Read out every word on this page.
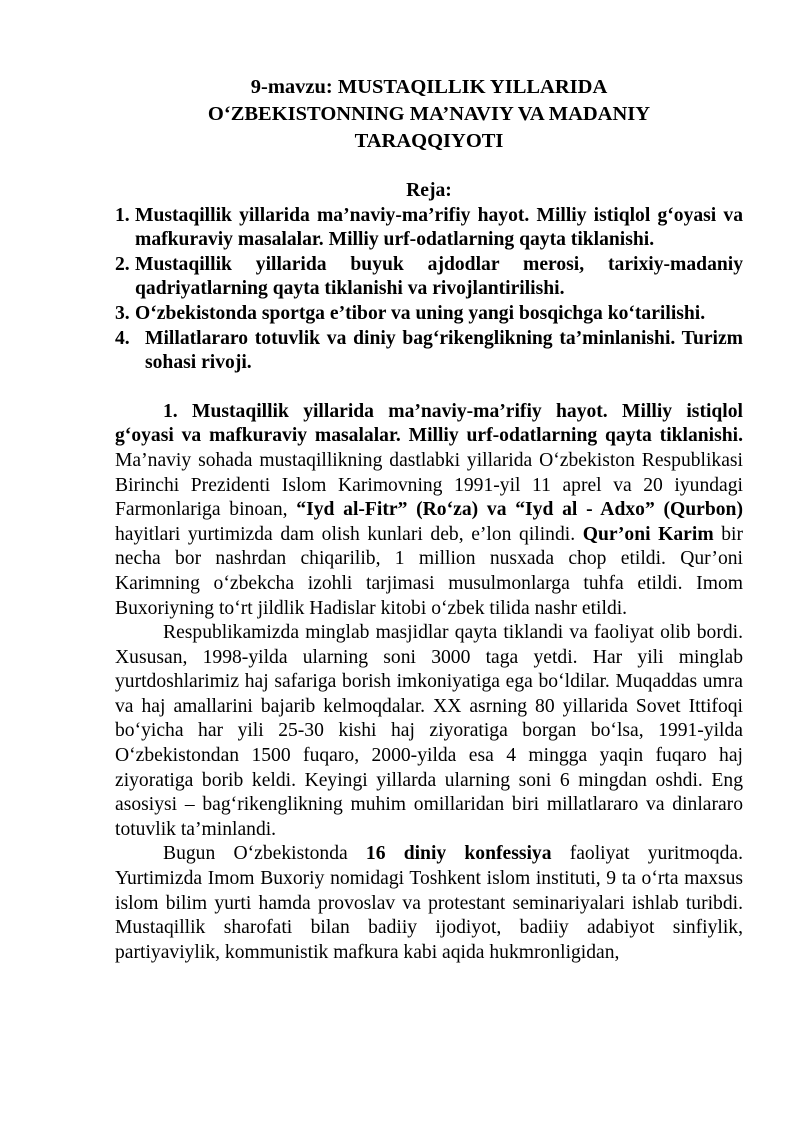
9-mavzu: MUSTAQILLIK YILLARIDA
O‘ZBEKISTONNING MA’NAVIY VA MADANIY
TARAQQIYOTI
Reja:
1. Mustaqillik yillarida ma’naviy-ma’rifiy hayot. Milliy istiqlol g‘oyasi va mafkuraviy masalalar. Milliy urf-odatlarning qayta tiklanishi.
2. Mustaqillik yillarida buyuk ajdodlar merosi, tarixiy-madaniy qadriyatlarning qayta tiklanishi va rivojlantirilishi.
3. O‘zbekistonda sportga e’tibor va uning yangi bosqichga ko‘tarilishi.
4. Millatlararo totuvlik va diniy bag‘rikenglikning ta’minlanishi. Turizm sohasi rivoji.

1. Mustaqillik yillarida ma’naviy-ma’rifiy hayot. Milliy istiqlol g‘oyasi va mafkuraviy masalalar. Milliy urf-odatlarning qayta tiklanishi. Ma’naviy sohada mustaqillikning dastlabki yillarida O‘zbekiston Respublikasi Birinchi Prezidenti Islom Karimovning 1991-yil 11 aprel va 20 iyundagi Farmonlariga binoan, “Iyd al-Fitr” (Ro‘za) va “Iyd al - Adxo” (Qurbon) hayitlari yurtimizda dam olish kunlari deb, e’lon qilindi. Qur’oni Karim bir necha bor nashrdan chiqarilib, 1 million nusxada chop etildi. Qur’oni Karimning o‘zbekcha izohli tarjimasi musulmonlarga tuhfa etildi. Imom Buxoriyning to‘rt jildlik Hadislar kitobi o‘zbek tilida nashr etildi.

Respublikamizda minglab masjidlar qayta tiklandi va faoliyat olib bordi. Xususan, 1998-yilda ularning soni 3000 taga yetdi. Har yili minglab yurtdoshlarimiz haj safariga borish imkoniyatiga ega bo‘ldilar. Muqaddas umra va haj amallarini bajarib kelmoqdalar. XX asrning 80 yillarida Sovet Ittifoqi bo‘yicha har yili 25-30 kishi haj ziyoratiga borgan bo‘lsa, 1991-yilda O‘zbekistondan 1500 fuqaro, 2000-yilda esa 4 mingga yaqin fuqaro haj ziyoratiga borib keldi. Keyingi yillarda ularning soni 6 mingdan oshdi. Eng asosiysi – bag‘rikenglikning muhim omillaridan biri millatlararo va dinlararo totuvlik ta’minlandi.

Bugun O‘zbekistonda 16 diniy konfessiya faoliyat yuritmoqda. Yurtimizda Imom Buxoriy nomidagi Toshkent islom instituti, 9 ta o‘rta maxsus islom bilim yurti hamda provoslav va protestant seminariyalari ishlab turibdi. Mustaqillik sharofati bilan badiiy ijodiyot, badiiy adabiyot sinfiylik, partiyaviylik, kommunistik mafkura kabi aqida hukmronligidan,
